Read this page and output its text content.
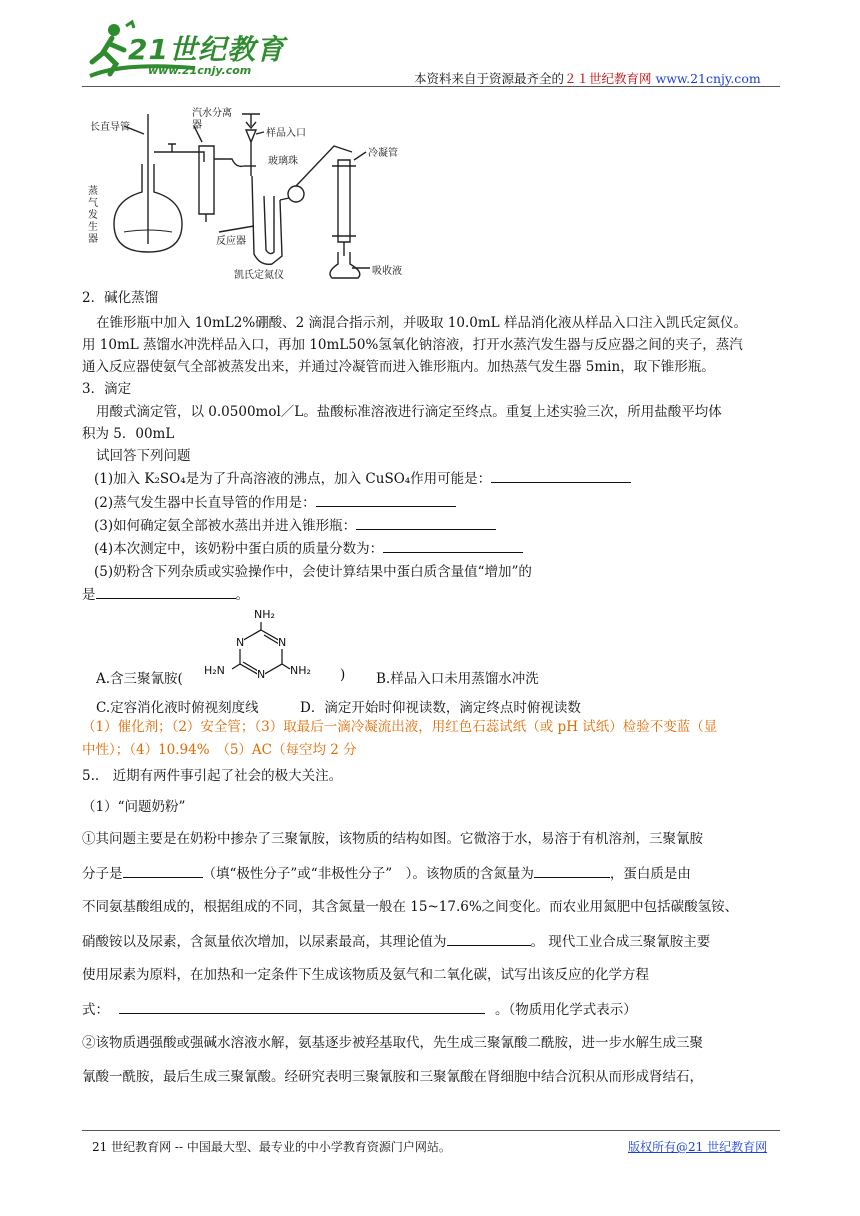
21世纪教育
www.21cnjy.com
本资料来自于资源最齐全的２１世纪教育网 www.21cnjy.com
长直导管
汽水分离器
样品入口
玻璃珠
蒸气发生器	反应器
冷凝管
吸收液
凯氏定氮仪
2．碱化蒸馏
在锥形瓶中加入 10mL2%硼酸、2 滴混合指示剂，并吸取 10.0mL 样品消化液从样品入口注入凯氏定氮仪。
用 10mL 蒸馏水冲洗样品入口，再加 10mL50%氢氧化钠溶液，打开水蒸汽发生器与反应器之间的夹子，蒸汽
通入反应器使氨气全部被蒸发出来，并通过冷凝管而进入锥形瓶内。加热蒸气发生器 5min，取下锥形瓶。
3．滴定
用酸式滴定管，以 0.0500mol／L。盐酸标准溶液进行滴定至终点。重复上述实验三次，所用盐酸平均体
积为 5．00mL
试回答下列问题
(1)加入 K₂SO₄是为了升高溶液的沸点，加入 CuSO₄作用可能是：
(2)蒸气发生器中长直导管的作用是：
(3)如何确定氨全部被水蒸出并进入锥形瓶：
(4)本次测定中，该奶粉中蛋白质的质量分数为：
(5)奶粉含下列杂质或实验操作中，会使计算结果中蛋白质含量值“增加”的
是	。
NH₂
N	N
N
H₂N	NH₂
A.含三聚氰胺(	) B.样品入口未用蒸馏水冲洗
C.定容消化液时俯视刻度线	D．滴定开始时仰视读数，滴定终点时俯视读数
（1）催化剂；（2）安全管；（3）取最后一滴冷凝流出液，用红色石蕊试纸（或 pH 试纸）检验不变蓝（显
中性）；（4）10.94%　（5）AC（每空均 2 分
5..　近期有两件事引起了社会的极大关注。
（1）“问题奶粉”
①其问题主要是在奶粉中掺杂了三聚氰胺，该物质的结构如图。它微溶于水，易溶于有机溶剂，三聚氰胺
分子是	（填“极性分子”或“非极性分子”　）。该物质的含氮量为	，蛋白质是由
不同氨基酸组成的，根据组成的不同，其含氮量一般在 15~17.6%之间变化。而农业用氮肥中包括碳酸氢铵、
硝酸铵以及尿素，含氮量依次增加，以尿素最高，其理论值为	。 现代工业合成三聚氰胺主要
使用尿素为原料，在加热和一定条件下生成该物质及氨气和二氧化碳，试写出该反应的化学方程
式：	。（物质用化学式表示）
②该物质遇强酸或强碱水溶液水解，氨基逐步被羟基取代，先生成三聚氰酸二酰胺，进一步水解生成三聚
氰酸一酰胺，最后生成三聚氰酸。经研究表明三聚氰胺和三聚氰酸在肾细胞中结合沉积从而形成肾结石，
21 世纪教育网 -- 中国最大型、最专业的中小学教育资源门户网站。	版权所有@21 世纪教育网
